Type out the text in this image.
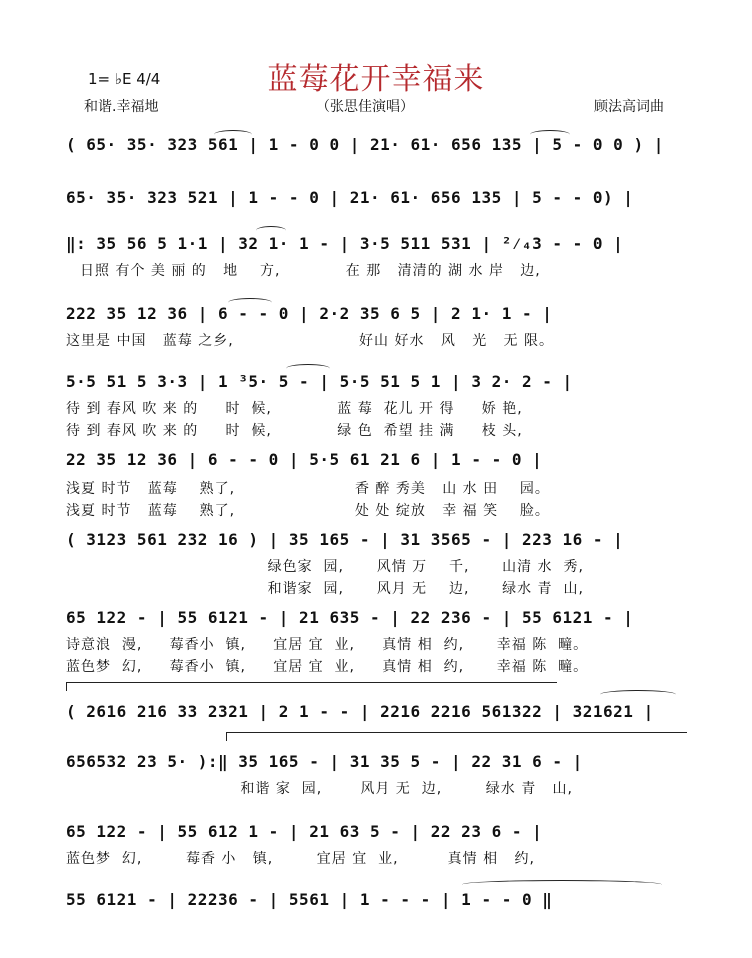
蓝莓花开幸福来
1= ♭E 4/4
和谐.幸福地	（张思佳演唱）	顾法高词曲
( 65· 35· 323 561 | 1 - 0 0 | 21· 61· 656 135 | 5 - 0 0 ) |
65· 35· 323 521 | 1 - - 0 | 21· 61· 656 135 | 5 - - 0) |
‖: 35 56 5 1·1 | 32 1· 1 - | 3·5 511 531 | ²⁄₄3 - - 0 |
日照 有个 美 丽 的   地    方,            在 那   清清的 湖 水 岸   边,
222 35 12 36 | 6 - - 0 | 2·2 35 6 5 | 2 1· 1 - |
这里是 中国   蓝莓 之乡,                       好山 好水   风   光   无 限。
5·5 51 5 3·3 | 1 ³5· 5 - | 5·5 51 5 1 | 3 2· 2 - |
待 到 春风 吹 来 的     时  候,            蓝 莓  花儿 开 得     娇 艳,
待 到 春风 吹 来 的     时  候,            绿 色  希望 挂 满     枝 头,
22 35 12 36 | 6 - - 0 | 5·5 61 21 6 | 1 - - 0 |
浅夏 时节   蓝莓    熟了,                      香 醉 秀美   山 水 田    园。
浅夏 时节   蓝莓    熟了,                      处 处 绽放   幸 福 笑    脸。
( 3123 561 232 16 ) | 35 165 - | 31 3565 - | 223 16 - |
绿色家  园,      风情 万    千,      山清 水  秀,
和谐家  园,      风月 无    边,      绿水 青  山,
65 122 - | 55 6121 - | 21 635 - | 22 236 - | 55 6121 - |
诗意浪  漫,     莓香小  镇,     宜居 宜  业,     真情 相  约,      幸福 陈  疃。
蓝色梦  幻,     莓香小  镇,     宜居 宜  业,     真情 相  约,      幸福 陈  疃。
( 2616 216 33 2321 | 2 1 - - | 2216 2216 561322 | 321621 |
656532 23 5· ):‖ 35 165 - | 31 35 5 - | 22 31 6 - |
和谐 家  园,       风月 无  边,        绿水 青   山,
65 122 - | 55 612 1 - | 21 63 5 - | 22 23 6 - |
蓝色梦  幻,        莓香 小   镇,        宜居 宜  业,         真情 相   约,
55 6121 - | 22236 - | 5561 | 1 - - - | 1 - - 0 ‖
